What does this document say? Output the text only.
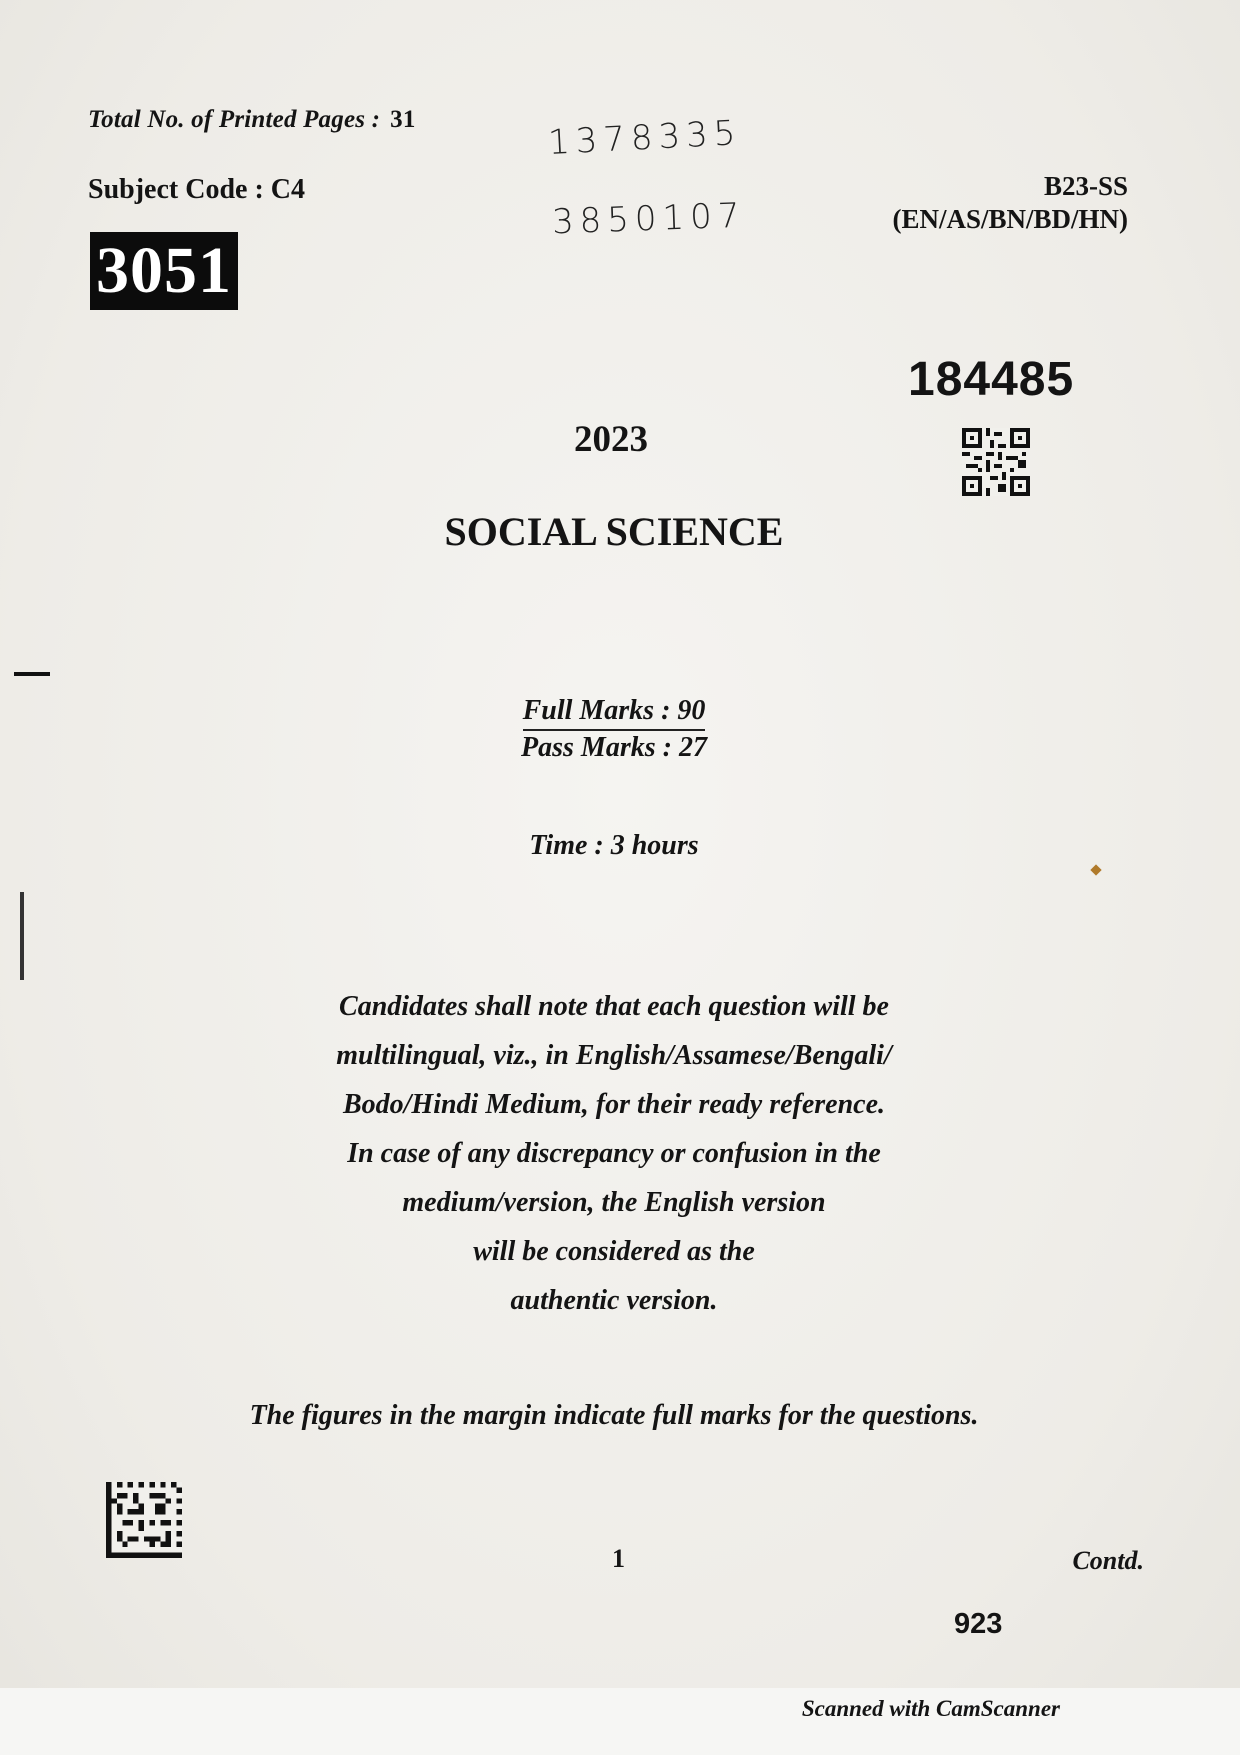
Total No. of Printed Pages : 31
Subject Code : C4
3051
1378335
3850107
B23-SS
(EN/AS/BN/BD/HN)
184485
2023
SOCIAL SCIENCE
Full Marks : 90
Pass Marks : 27
Time : 3 hours
Candidates shall note that each question will be
multilingual, viz., in English/Assamese/Bengali/
Bodo/Hindi Medium, for their ready reference.
In case of any discrepancy or confusion in the
medium/version, the English version
will be considered as the
authentic version.
The figures in the margin indicate full marks for the questions.
1	Contd.
923
Scanned with CamScanner
